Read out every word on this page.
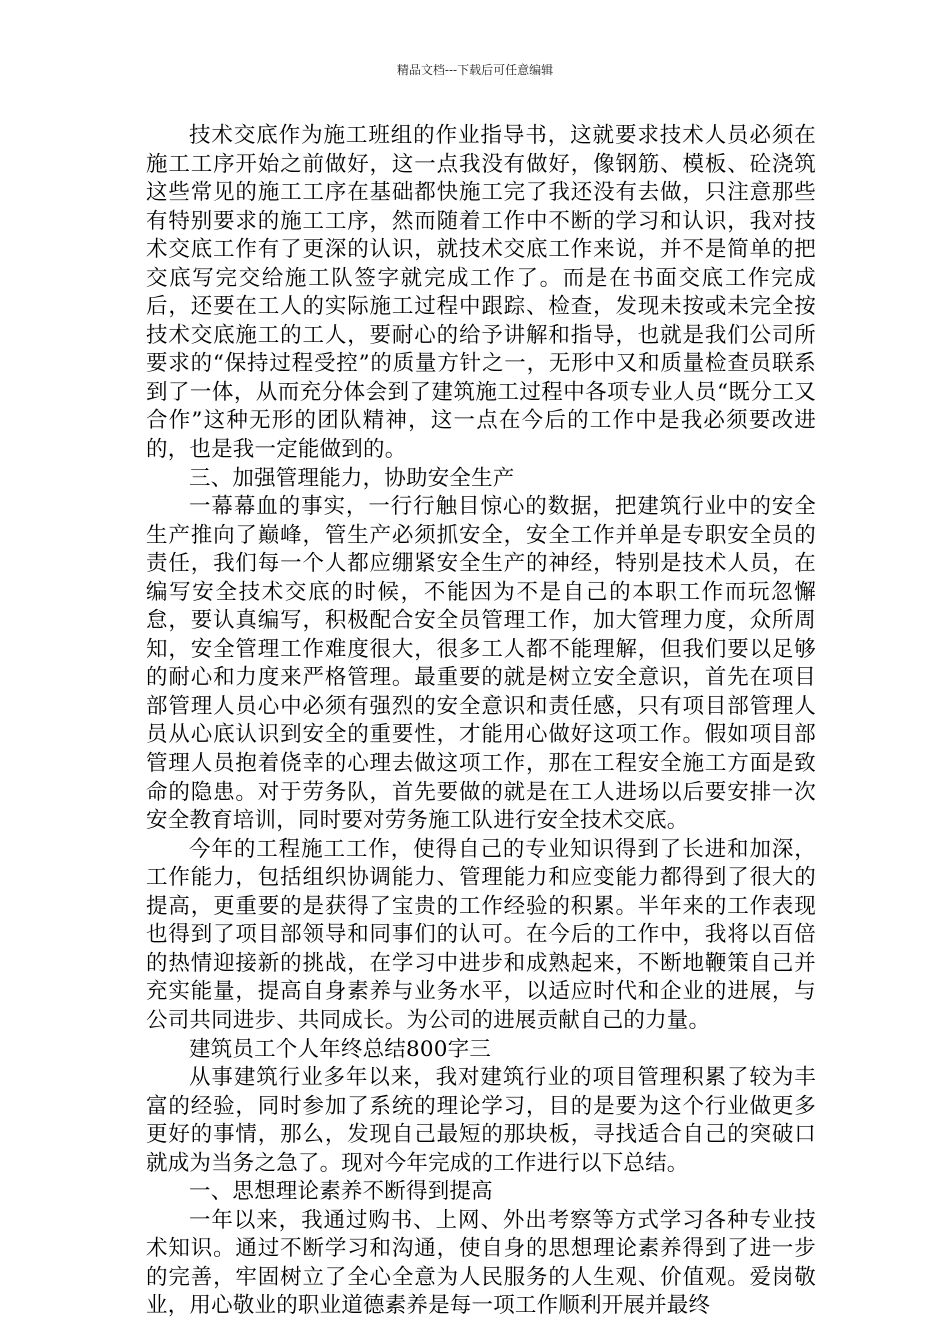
精品文档---下载后可任意编辑

技术交底作为施工班组的作业指导书，这就要求技术人员必须在施工工序开始之前做好，这一点我没有做好，像钢筋、模板、砼浇筑这些常见的施工工序在基础都快施工完了我还没有去做，只注意那些有特别要求的施工工序，然而随着工作中不断的学习和认识，我对技术交底工作有了更深的认识，就技术交底工作来说，并不是简单的把交底写完交给施工队签字就完成工作了。而是在书面交底工作完成后，还要在工人的实际施工过程中跟踪、检查，发现未按或未完全按技术交底施工的工人，要耐心的给予讲解和指导，也就是我们公司所要求的“保持过程受控”的质量方针之一，无形中又和质量检查员联系到了一体，从而充分体会到了建筑施工过程中各项专业人员“既分工又合作”这种无形的团队精神，这一点在今后的工作中是我必须要改进的，也是我一定能做到的。

三、加强管理能力，协助安全生产

一幕幕血的事实，一行行触目惊心的数据，把建筑行业中的安全生产推向了巅峰，管生产必须抓安全，安全工作并单是专职安全员的责任，我们每一个人都应绷紧安全生产的神经，特别是技术人员，在编写安全技术交底的时候，不能因为不是自己的本职工作而玩忽懈怠，要认真编写，积极配合安全员管理工作，加大管理力度，众所周知，安全管理工作难度很大，很多工人都不能理解，但我们要以足够的耐心和力度来严格管理。最重要的就是树立安全意识，首先在项目部管理人员心中必须有强烈的安全意识和责任感，只有项目部管理人员从心底认识到安全的重要性，才能用心做好这项工作。假如项目部管理人员抱着侥幸的心理去做这项工作，那在工程安全施工方面是致命的隐患。对于劳务队，首先要做的就是在工人进场以后要安排一次安全教育培训，同时要对劳务施工队进行安全技术交底。

今年的工程施工工作，使得自己的专业知识得到了长进和加深，工作能力，包括组织协调能力、管理能力和应变能力都得到了很大的提高，更重要的是获得了宝贵的工作经验的积累。半年来的工作表现也得到了项目部领导和同事们的认可。在今后的工作中，我将以百倍的热情迎接新的挑战，在学习中进步和成熟起来，不断地鞭策自己并充实能量，提高自身素养与业务水平，以适应时代和企业的进展，与公司共同进步、共同成长。为公司的进展贡献自己的力量。

建筑员工个人年终总结800字三

从事建筑行业多年以来，我对建筑行业的项目管理积累了较为丰富的经验，同时参加了系统的理论学习，目的是要为这个行业做更多更好的事情，那么，发现自己最短的那块板，寻找适合自己的突破口就成为当务之急了。现对今年完成的工作进行以下总结。

一、思想理论素养不断得到提高

一年以来，我通过购书、上网、外出考察等方式学习各种专业技术知识。通过不断学习和沟通，使自身的思想理论素养得到了进一步的完善，牢固树立了全心全意为人民服务的人生观、价值观。爱岗敬业，用心敬业的职业道德素养是每一项工作顺利开展并最终
